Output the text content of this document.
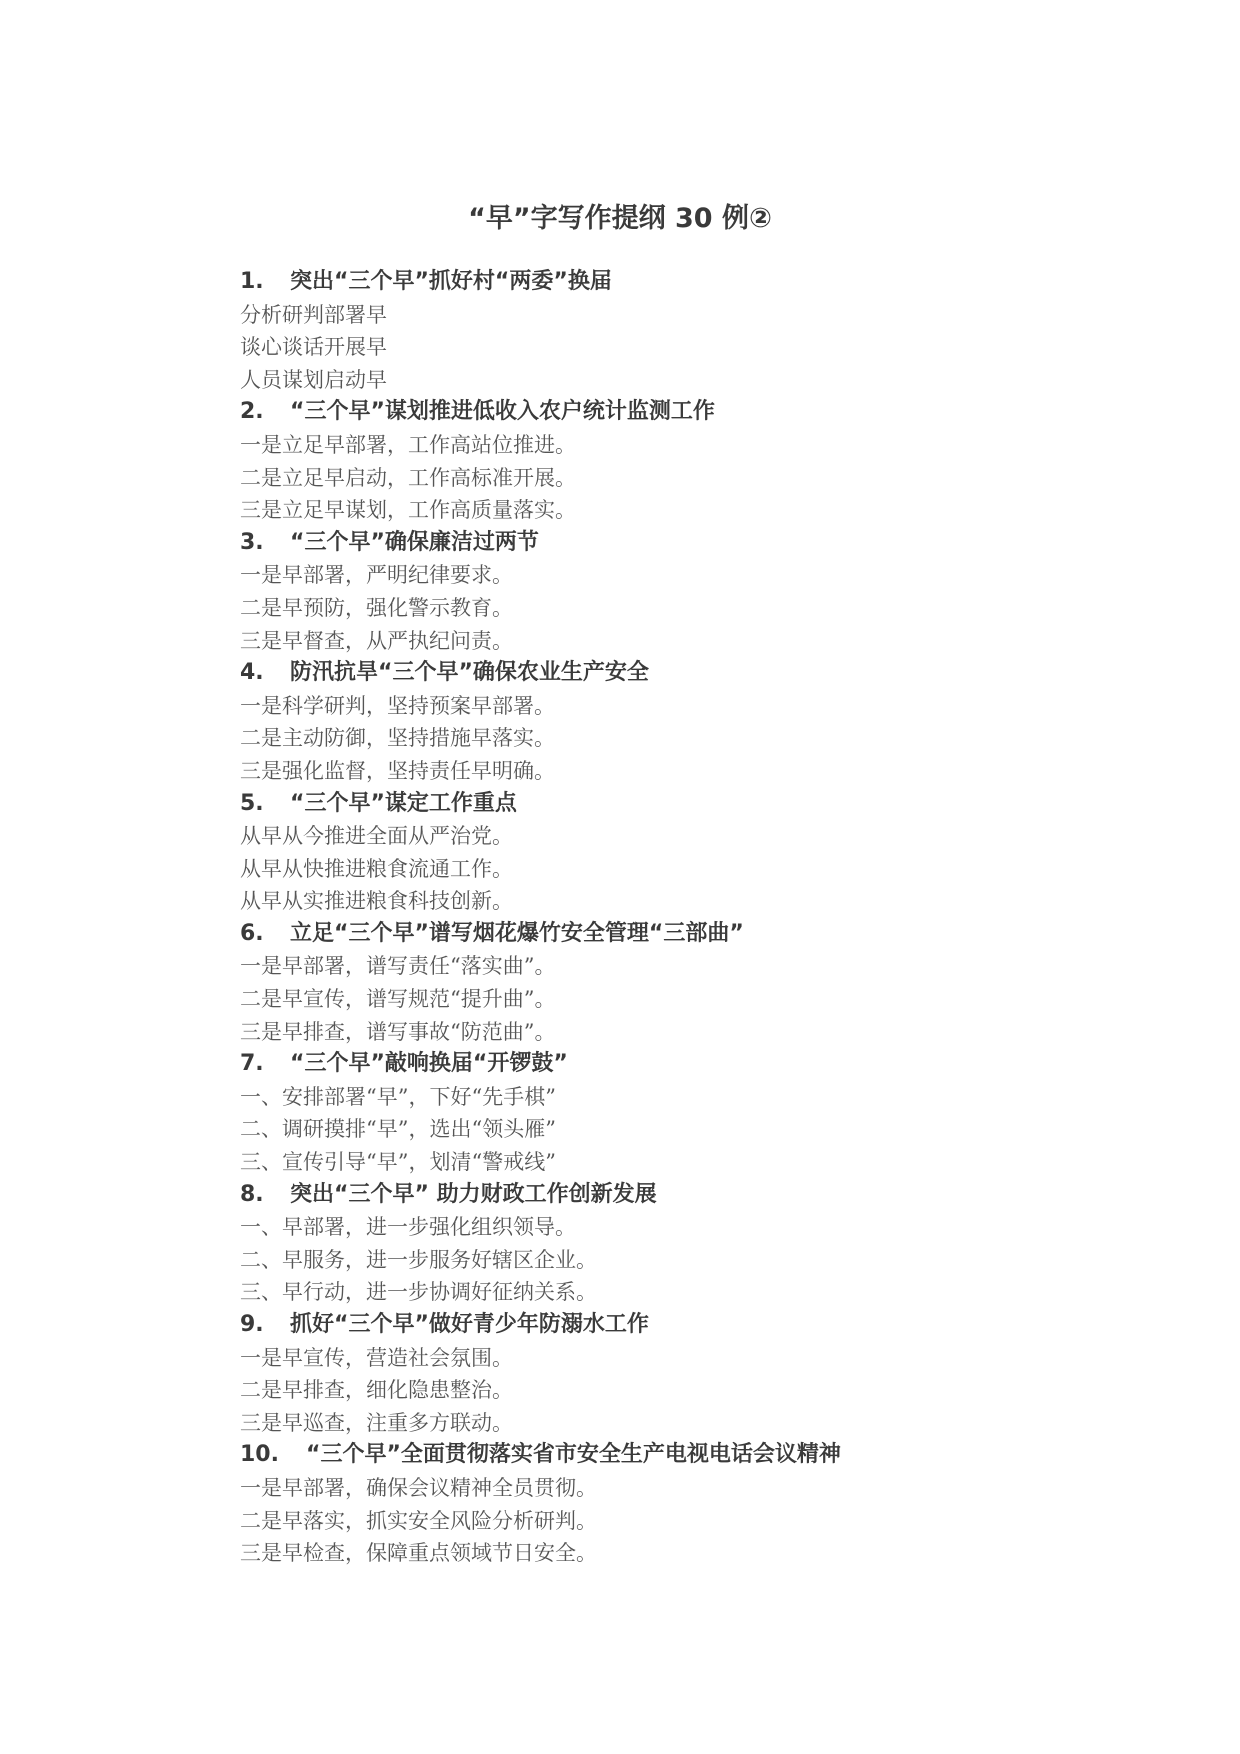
“早”字写作提纲 30 例②
1. 突出“三个早”抓好村“两委”换届
分析研判部署早
谈心谈话开展早
人员谋划启动早
2. “三个早”谋划推进低收入农户统计监测工作
一是立足早部署，工作高站位推进。
二是立足早启动，工作高标准开展。
三是立足早谋划，工作高质量落实。
3. “三个早”确保廉洁过两节
一是早部署，严明纪律要求。
二是早预防，强化警示教育。
三是早督查，从严执纪问责。
4. 防汛抗旱“三个早”确保农业生产安全
一是科学研判，坚持预案早部署。
二是主动防御，坚持措施早落实。
三是强化监督，坚持责任早明确。
5. “三个早”谋定工作重点
从早从今推进全面从严治党。
从早从快推进粮食流通工作。
从早从实推进粮食科技创新。
6. 立足“三个早”谱写烟花爆竹安全管理“三部曲”
一是早部署，谱写责任“落实曲”。
二是早宣传，谱写规范“提升曲”。
三是早排查，谱写事故“防范曲”。
7. “三个早”敲响换届“开锣鼓”
一、安排部署“早”，下好“先手棋”
二、调研摸排“早”，选出“领头雁”
三、宣传引导“早”，划清“警戒线”
8. 突出“三个早” 助力财政工作创新发展
一、早部署，进一步强化组织领导。
二、早服务，进一步服务好辖区企业。
三、早行动，进一步协调好征纳关系。
9. 抓好“三个早”做好青少年防溺水工作
一是早宣传，营造社会氛围。
二是早排查，细化隐患整治。
三是早巡查，注重多方联动。
10. “三个早”全面贯彻落实省市安全生产电视电话会议精神
一是早部署，确保会议精神全员贯彻。
二是早落实，抓实安全风险分析研判。
三是早检查，保障重点领域节日安全。
